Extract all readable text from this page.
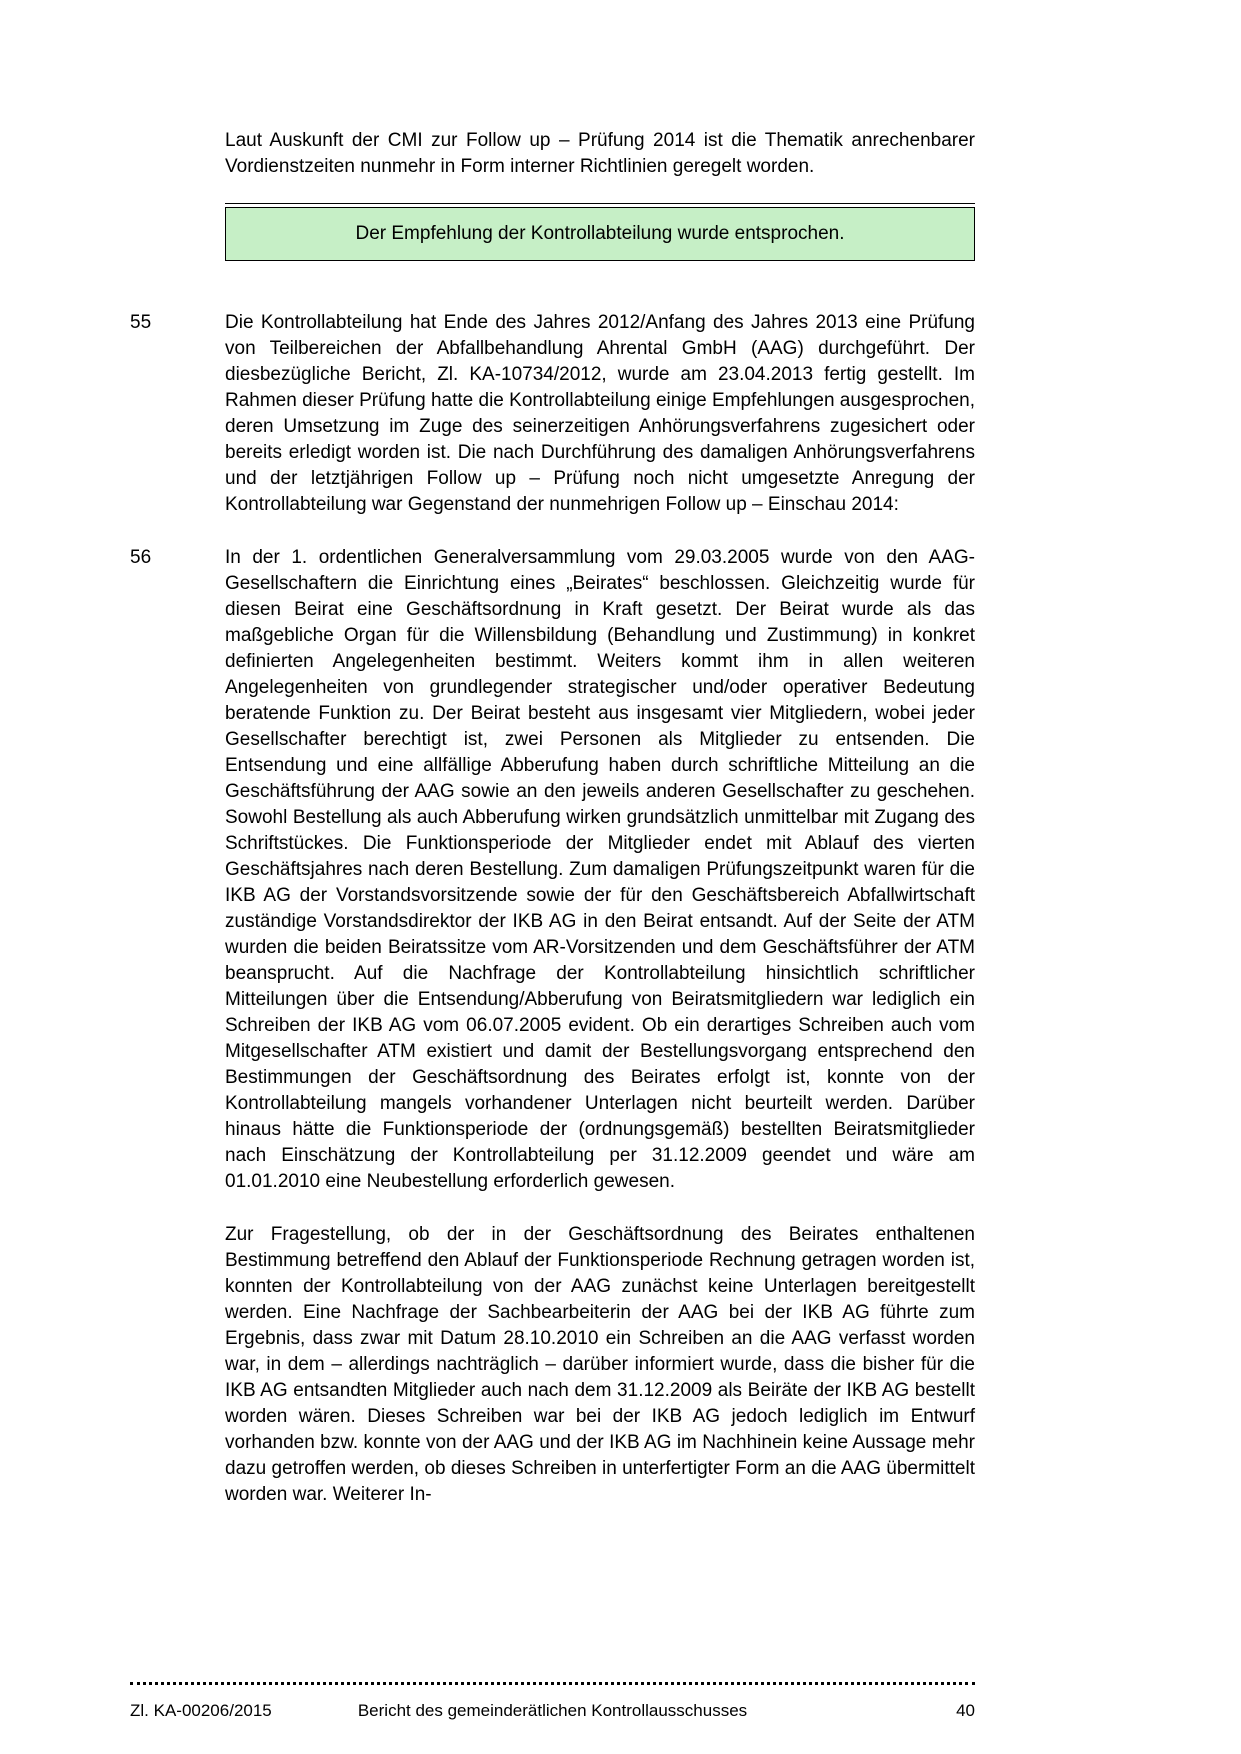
Laut Auskunft der CMI zur Follow up – Prüfung 2014 ist die Thematik anrechenbarer Vordienstzeiten nunmehr in Form interner Richtlinien geregelt worden.

Der Empfehlung der Kontrollabteilung wurde entsprochen.

55	Die Kontrollabteilung hat Ende des Jahres 2012/Anfang des Jahres 2013 eine Prüfung von Teilbereichen der Abfallbehandlung Ahrental GmbH (AAG) durchgeführt. Der diesbezügliche Bericht, Zl. KA-10734/2012, wurde am 23.04.2013 fertig gestellt. Im Rahmen dieser Prüfung hatte die Kontrollabteilung einige Empfehlungen ausgesprochen, deren Umsetzung im Zuge des seinerzeitigen Anhörungsverfahrens zugesichert oder bereits erledigt worden ist. Die nach Durchführung des damaligen Anhörungsverfahrens und der letztjährigen Follow up – Prüfung noch nicht umgesetzte Anregung der Kontrollabteilung war Gegenstand der nunmehrigen Follow up – Einschau 2014:

56	In der 1. ordentlichen Generalversammlung vom 29.03.2005 wurde von den AAG-Gesellschaftern die Einrichtung eines „Beirates“ beschlossen. Gleichzeitig wurde für diesen Beirat eine Geschäftsordnung in Kraft gesetzt. Der Beirat wurde als das maßgebliche Organ für die Willensbildung (Behandlung und Zustimmung) in konkret definierten Angelegenheiten bestimmt. Weiters kommt ihm in allen weiteren Angelegenheiten von grundlegender strategischer und/oder operativer Bedeutung beratende Funktion zu. Der Beirat besteht aus insgesamt vier Mitgliedern, wobei jeder Gesellschafter berechtigt ist, zwei Personen als Mitglieder zu entsenden. Die Entsendung und eine allfällige Abberufung haben durch schriftliche Mitteilung an die Geschäftsführung der AAG sowie an den jeweils anderen Gesellschafter zu geschehen. Sowohl Bestellung als auch Abberufung wirken grundsätzlich unmittelbar mit Zugang des Schriftstückes. Die Funktionsperiode der Mitglieder endet mit Ablauf des vierten Geschäftsjahres nach deren Bestellung. Zum damaligen Prüfungszeitpunkt waren für die IKB AG der Vorstandsvorsitzende sowie der für den Geschäftsbereich Abfallwirtschaft zuständige Vorstandsdirektor der IKB AG in den Beirat entsandt. Auf der Seite der ATM wurden die beiden Beiratssitze vom AR-Vorsitzenden und dem Geschäftsführer der ATM beansprucht. Auf die Nachfrage der Kontrollabteilung hinsichtlich schriftlicher Mitteilungen über die Entsendung/Abberufung von Beiratsmitgliedern war lediglich ein Schreiben der IKB AG vom 06.07.2005 evident. Ob ein derartiges Schreiben auch vom Mitgesellschafter ATM existiert und damit der Bestellungsvorgang entsprechend den Bestimmungen der Geschäftsordnung des Beirates erfolgt ist, konnte von der Kontrollabteilung mangels vorhandener Unterlagen nicht beurteilt werden. Darüber hinaus hätte die Funktionsperiode der (ordnungsgemäß) bestellten Beiratsmitglieder nach Einschätzung der Kontrollabteilung per 31.12.2009 geendet und wäre am 01.01.2010 eine Neubestellung erforderlich gewesen.

Zur Fragestellung, ob der in der Geschäftsordnung des Beirates enthaltenen Bestimmung betreffend den Ablauf der Funktionsperiode Rechnung getragen worden ist, konnten der Kontrollabteilung von der AAG zunächst keine Unterlagen bereitgestellt werden. Eine Nachfrage der Sachbearbeiterin der AAG bei der IKB AG führte zum Ergebnis, dass zwar mit Datum 28.10.2010 ein Schreiben an die AAG verfasst worden war, in dem – allerdings nachträglich – darüber informiert wurde, dass die bisher für die IKB AG entsandten Mitglieder auch nach dem 31.12.2009 als Beiräte der IKB AG bestellt worden wären. Dieses Schreiben war bei der IKB AG jedoch lediglich im Entwurf vorhanden bzw. konnte von der AAG und der IKB AG im Nachhinein keine Aussage mehr dazu getroffen werden, ob dieses Schreiben in unterfertigter Form an die AAG übermittelt worden war. Weiterer In-

Zl. KA-00206/2015	Bericht des gemeinderätlichen Kontrollausschusses	40
